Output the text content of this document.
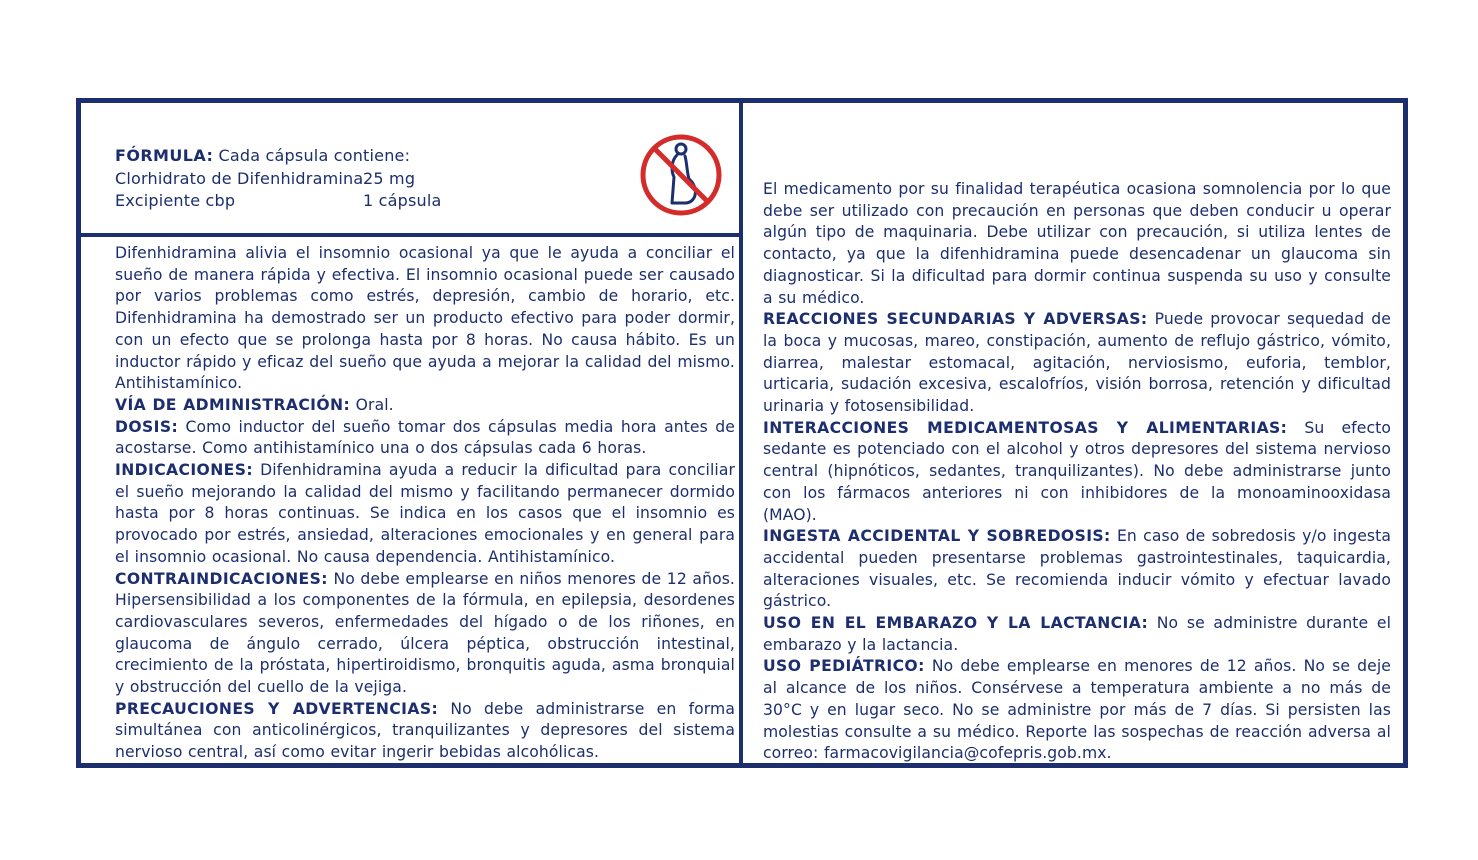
FÓRMULA: Cada cápsula contiene:
Clorhidrato de Difenhidramina 25 mg
Excipiente cbp	1 cápsula

Difenhidramina alivia el insomnio ocasional ya que le ayuda a conciliar el sueño de manera rápida y efectiva. El insomnio ocasional puede ser causado por varios problemas como estrés, depresión, cambio de horario, etc. Difenhidramina ha demostrado ser un producto efectivo para poder dormir, con un efecto que se prolonga hasta por 8 horas. No causa hábito. Es un inductor rápido y eficaz del sueño que ayuda a mejorar la calidad del mismo. Antihistamínico.

VÍA DE ADMINISTRACIÓN: Oral.

DOSIS: Como inductor del sueño tomar dos cápsulas media hora antes de acostarse. Como antihistamínico una o dos cápsulas cada 6 horas.

INDICACIONES: Difenhidramina ayuda a reducir la dificultad para conciliar el sueño mejorando la calidad del mismo y facilitando permanecer dormido hasta por 8 horas continuas. Se indica en los casos que el insomnio es provocado por estrés, ansiedad, alteraciones emocionales y en general para el insomnio ocasional. No causa dependencia. Antihistamínico.

CONTRAINDICACIONES: No debe emplearse en niños menores de 12 años. Hipersensibilidad a los componentes de la fórmula, en epilepsia, desordenes cardiovasculares severos, enfermedades del hígado o de los riñones, en glaucoma de ángulo cerrado, úlcera péptica, obstrucción intestinal, crecimiento de la próstata, hipertiroidismo, bronquitis aguda, asma bronquial y obstrucción del cuello de la vejiga.

PRECAUCIONES Y ADVERTENCIAS: No debe administrarse en forma simultánea con anticolinérgicos, tranquilizantes y depresores del sistema nervioso central, así como evitar ingerir bebidas alcohólicas.

El medicamento por su finalidad terapéutica ocasiona somnolencia por lo que debe ser utilizado con precaución en personas que deben conducir u operar algún tipo de maquinaria. Debe utilizar con precaución, si utiliza lentes de contacto, ya que la difenhidramina puede desencadenar un glaucoma sin diagnosticar. Si la dificultad para dormir continua suspenda su uso y consulte a su médico.

REACCIONES SECUNDARIAS Y ADVERSAS: Puede provocar sequedad de la boca y mucosas, mareo, constipación, aumento de reflujo gástrico, vómito, diarrea, malestar estomacal, agitación, nerviosismo, euforia, temblor, urticaria, sudación excesiva, escalofríos, visión borrosa, retención y dificultad urinaria y fotosensibilidad.

INTERACCIONES MEDICAMENTOSAS Y ALIMENTARIAS: Su efecto sedante es potenciado con el alcohol y otros depresores del sistema nervioso central (hipnóticos, sedantes, tranquilizantes). No debe administrarse junto con los fármacos anteriores ni con inhibidores de la monoaminooxidasa (MAO).

INGESTA ACCIDENTAL Y SOBREDOSIS: En caso de sobredosis y/o ingesta accidental pueden presentarse problemas gastrointestinales, taquicardia, alteraciones visuales, etc. Se recomienda inducir vómito y efectuar lavado gástrico.

USO EN EL EMBARAZO Y LA LACTANCIA: No se administre durante el embarazo y la lactancia.

USO PEDIÁTRICO: No debe emplearse en menores de 12 años. No se deje al alcance de los niños. Consérvese a temperatura ambiente a no más de 30°C y en lugar seco. No se administre por más de 7 días. Si persisten las molestias consulte a su médico. Reporte las sospechas de reacción adversa al correo: farmacovigilancia@cofepris.gob.mx.
